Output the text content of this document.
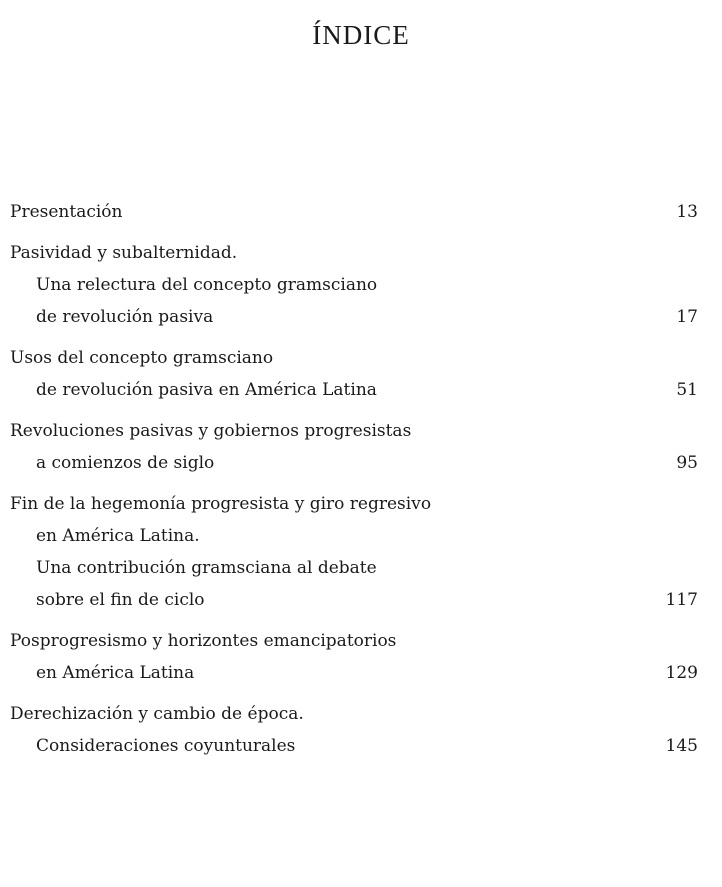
ÍNDICE
Presentación	13
Pasividad y subalternidad.
Una relectura del concepto gramsciano
de revolución pasiva	17
Usos del concepto gramsciano
de revolución pasiva en América Latina	51
Revoluciones pasivas y gobiernos progresistas
a comienzos de siglo	95
Fin de la hegemonía progresista y giro regresivo
en América Latina.
Una contribución gramsciana al debate
sobre el fin de ciclo	117
Posprogresismo y horizontes emancipatorios
en América Latina	129
Derechización y cambio de época.
Consideraciones coyunturales	145
